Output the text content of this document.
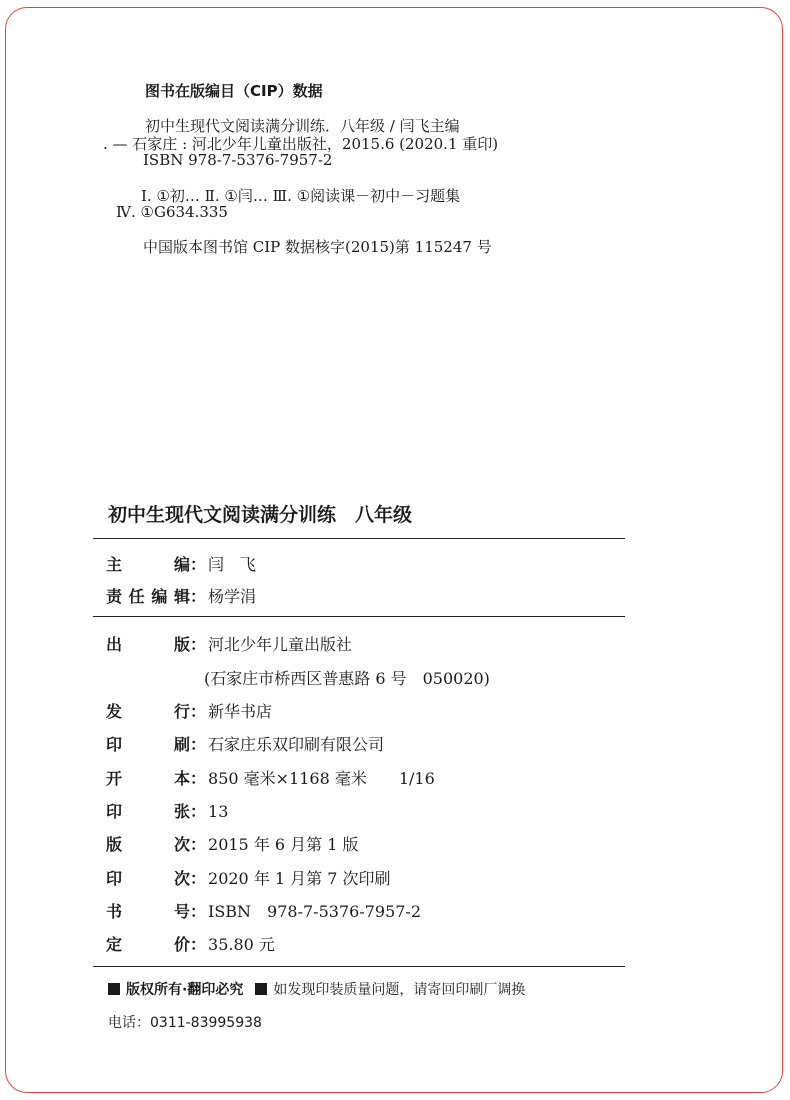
图书在版编目（CIP）数据
初中生现代文阅读满分训练．八年级 / 闫飞主编
. — 石家庄 : 河北少年儿童出版社，2015.6 (2020.1 重印)
ISBN 978-7-5376-7957-2
Ⅰ. ①初… Ⅱ. ①闫… Ⅲ. ①阅读课－初中－习题集
Ⅳ. ①G634.335
中国版本图书馆 CIP 数据核字(2015)第 115247 号
初中生现代文阅读满分训练　八年级
主	编 ： 闫　飞
责 任 编 辑 ： 杨学涓
出	版 ： 河北少年儿童出版社
(石家庄市桥西区普惠路 6 号　050020)
发	行 ： 新华书店
印	刷 ： 石家庄乐双印刷有限公司
开	本 ： 850 毫米×1168 毫米　　1/16
印	张 ： 13
版	次 ： 2015 年 6 月第 1 版
印	次 ： 2020 年 1 月第 7 次印刷
书	号 ： ISBN　978-7-5376-7957-2
定	价 ： 35.80 元
版权所有·翻印必究 如发现印装质量问题，请寄回印刷厂调换
电话：0311-83995938
